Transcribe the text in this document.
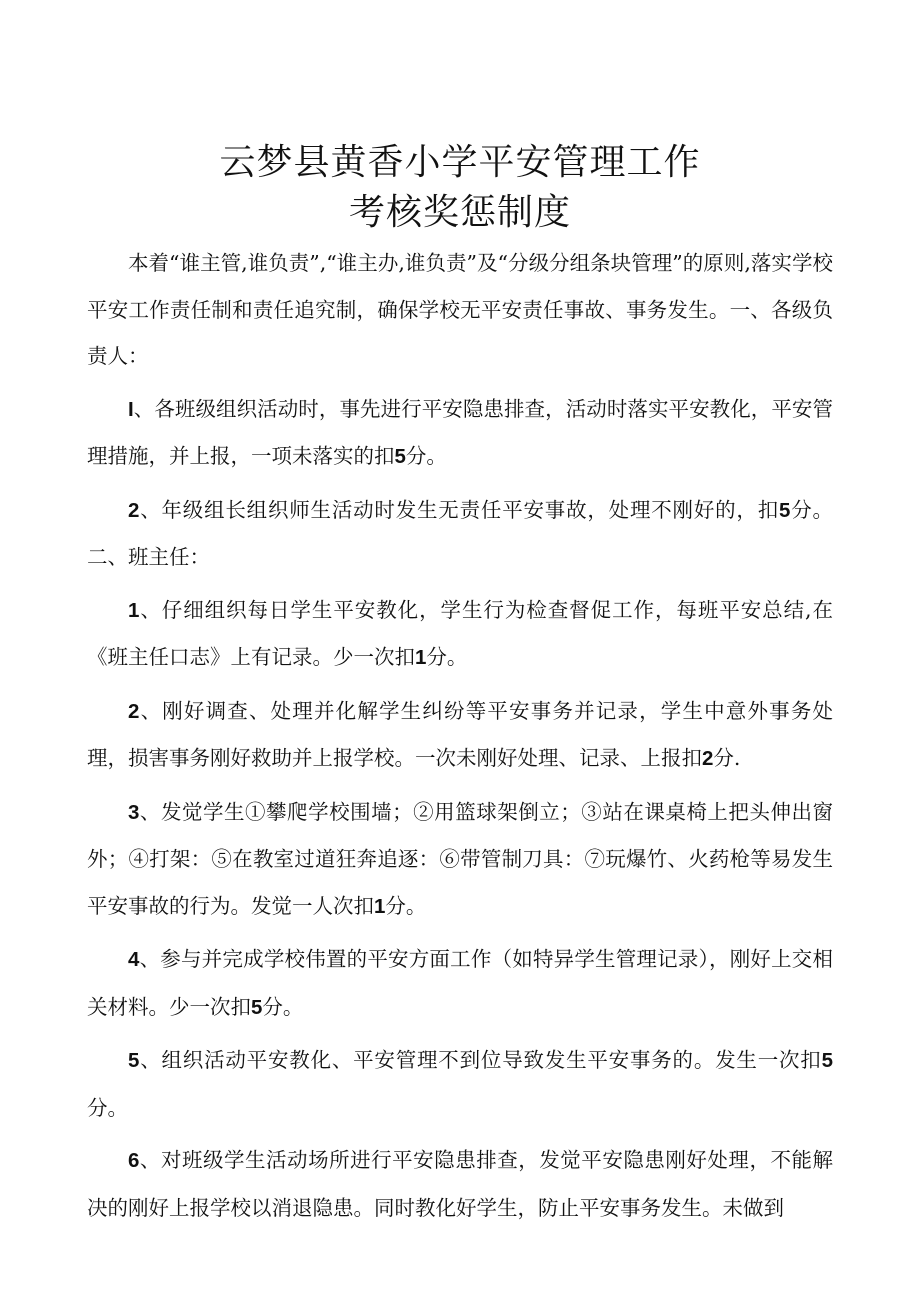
云梦县黄香小学平安管理工作
考核奖惩制度

本着“谁主管,谁负责”,“谁主办,谁负责”及“分级分组条块管理”的原则,落实学校平安工作责任制和责任追究制，确保学校无平安责任事故、事务发生。一、各级负责人：

I、各班级组织活动时，事先进行平安隐患排查，活动时落实平安教化，平安管理措施，并上报，一项未落实的扣5分。

2、年级组长组织师生活动时发生无责任平安事故，处理不刚好的，扣5分。二、班主任：

1、仔细组织每日学生平安教化，学生行为检查督促工作，每班平安总结,在《班主任口志》上有记录。少一次扣1分。

2、刚好调查、处理并化解学生纠纷等平安事务并记录，学生中意外事务处理，损害事务刚好救助并上报学校。一次未刚好处理、记录、上报扣2分.

3、发觉学生①攀爬学校围墙；②用篮球架倒立；③站在课桌椅上把头伸出窗外；④打架：⑤在教室过道狂奔追逐：⑥带管制刀具：⑦玩爆竹、火药枪等易发生平安事故的行为。发觉一人次扣1分。

4、参与并完成学校伟置的平安方面工作（如特异学生管理记录），刚好上交相关材料。少一次扣5分。

5、组织活动平安教化、平安管理不到位导致发生平安事务的。发生一次扣5分。

6、对班级学生活动场所进行平安隐患排查，发觉平安隐患刚好处理，不能解决的刚好上报学校以消退隐患。同时教化好学生，防止平安事务发生。未做到
